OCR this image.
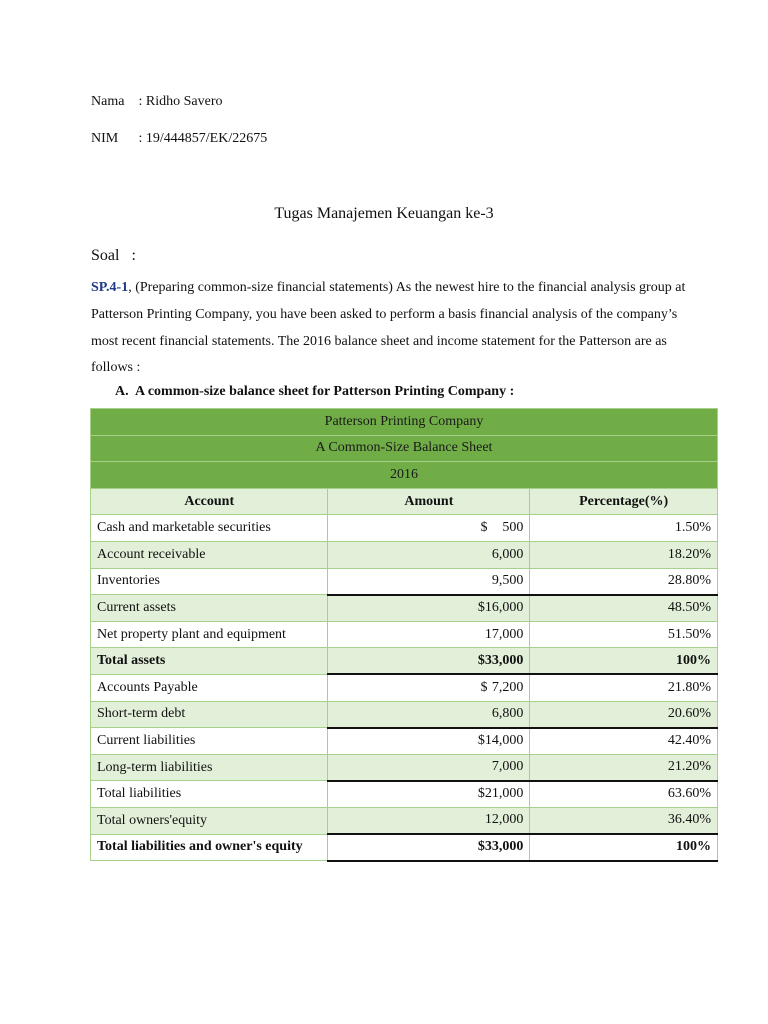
Nama : Ridho Savero
NIM : 19/444857/EK/22675
Tugas Manajemen Keuangan ke-3
Soal   :
SP.4-1, (Preparing common-size financial statements) As the newest hire to the financial analysis group at Patterson Printing Company, you have been asked to perform a basis financial analysis of the company’s most recent financial statements. The 2016 balance sheet and income statement for the Patterson are as follows :
A. A common-size balance sheet for Patterson Printing Company :
Patterson Printing Company		
A Common-Size Balance Sheet		
2016		
Account	Amount	Percentage(%)
Cash and marketable securities	$ 500	1.50%
Account receivable	6,000	18.20%
Inventories	9,500	28.80%
Current assets	$16,000	48.50%
Net property plant and equipment	17,000	51.50%
Total assets	$33,000	100%
Accounts Payable	$ 7,200	21.80%
Short-term debt	6,800	20.60%
Current liabilities	$14,000	42.40%
Long-term liabilities	7,000	21.20%
Total liabilities	$21,000	63.60%
Total owners'equity	12,000	36.40%
Total liabilities and owner's equity	$33,000	100%
